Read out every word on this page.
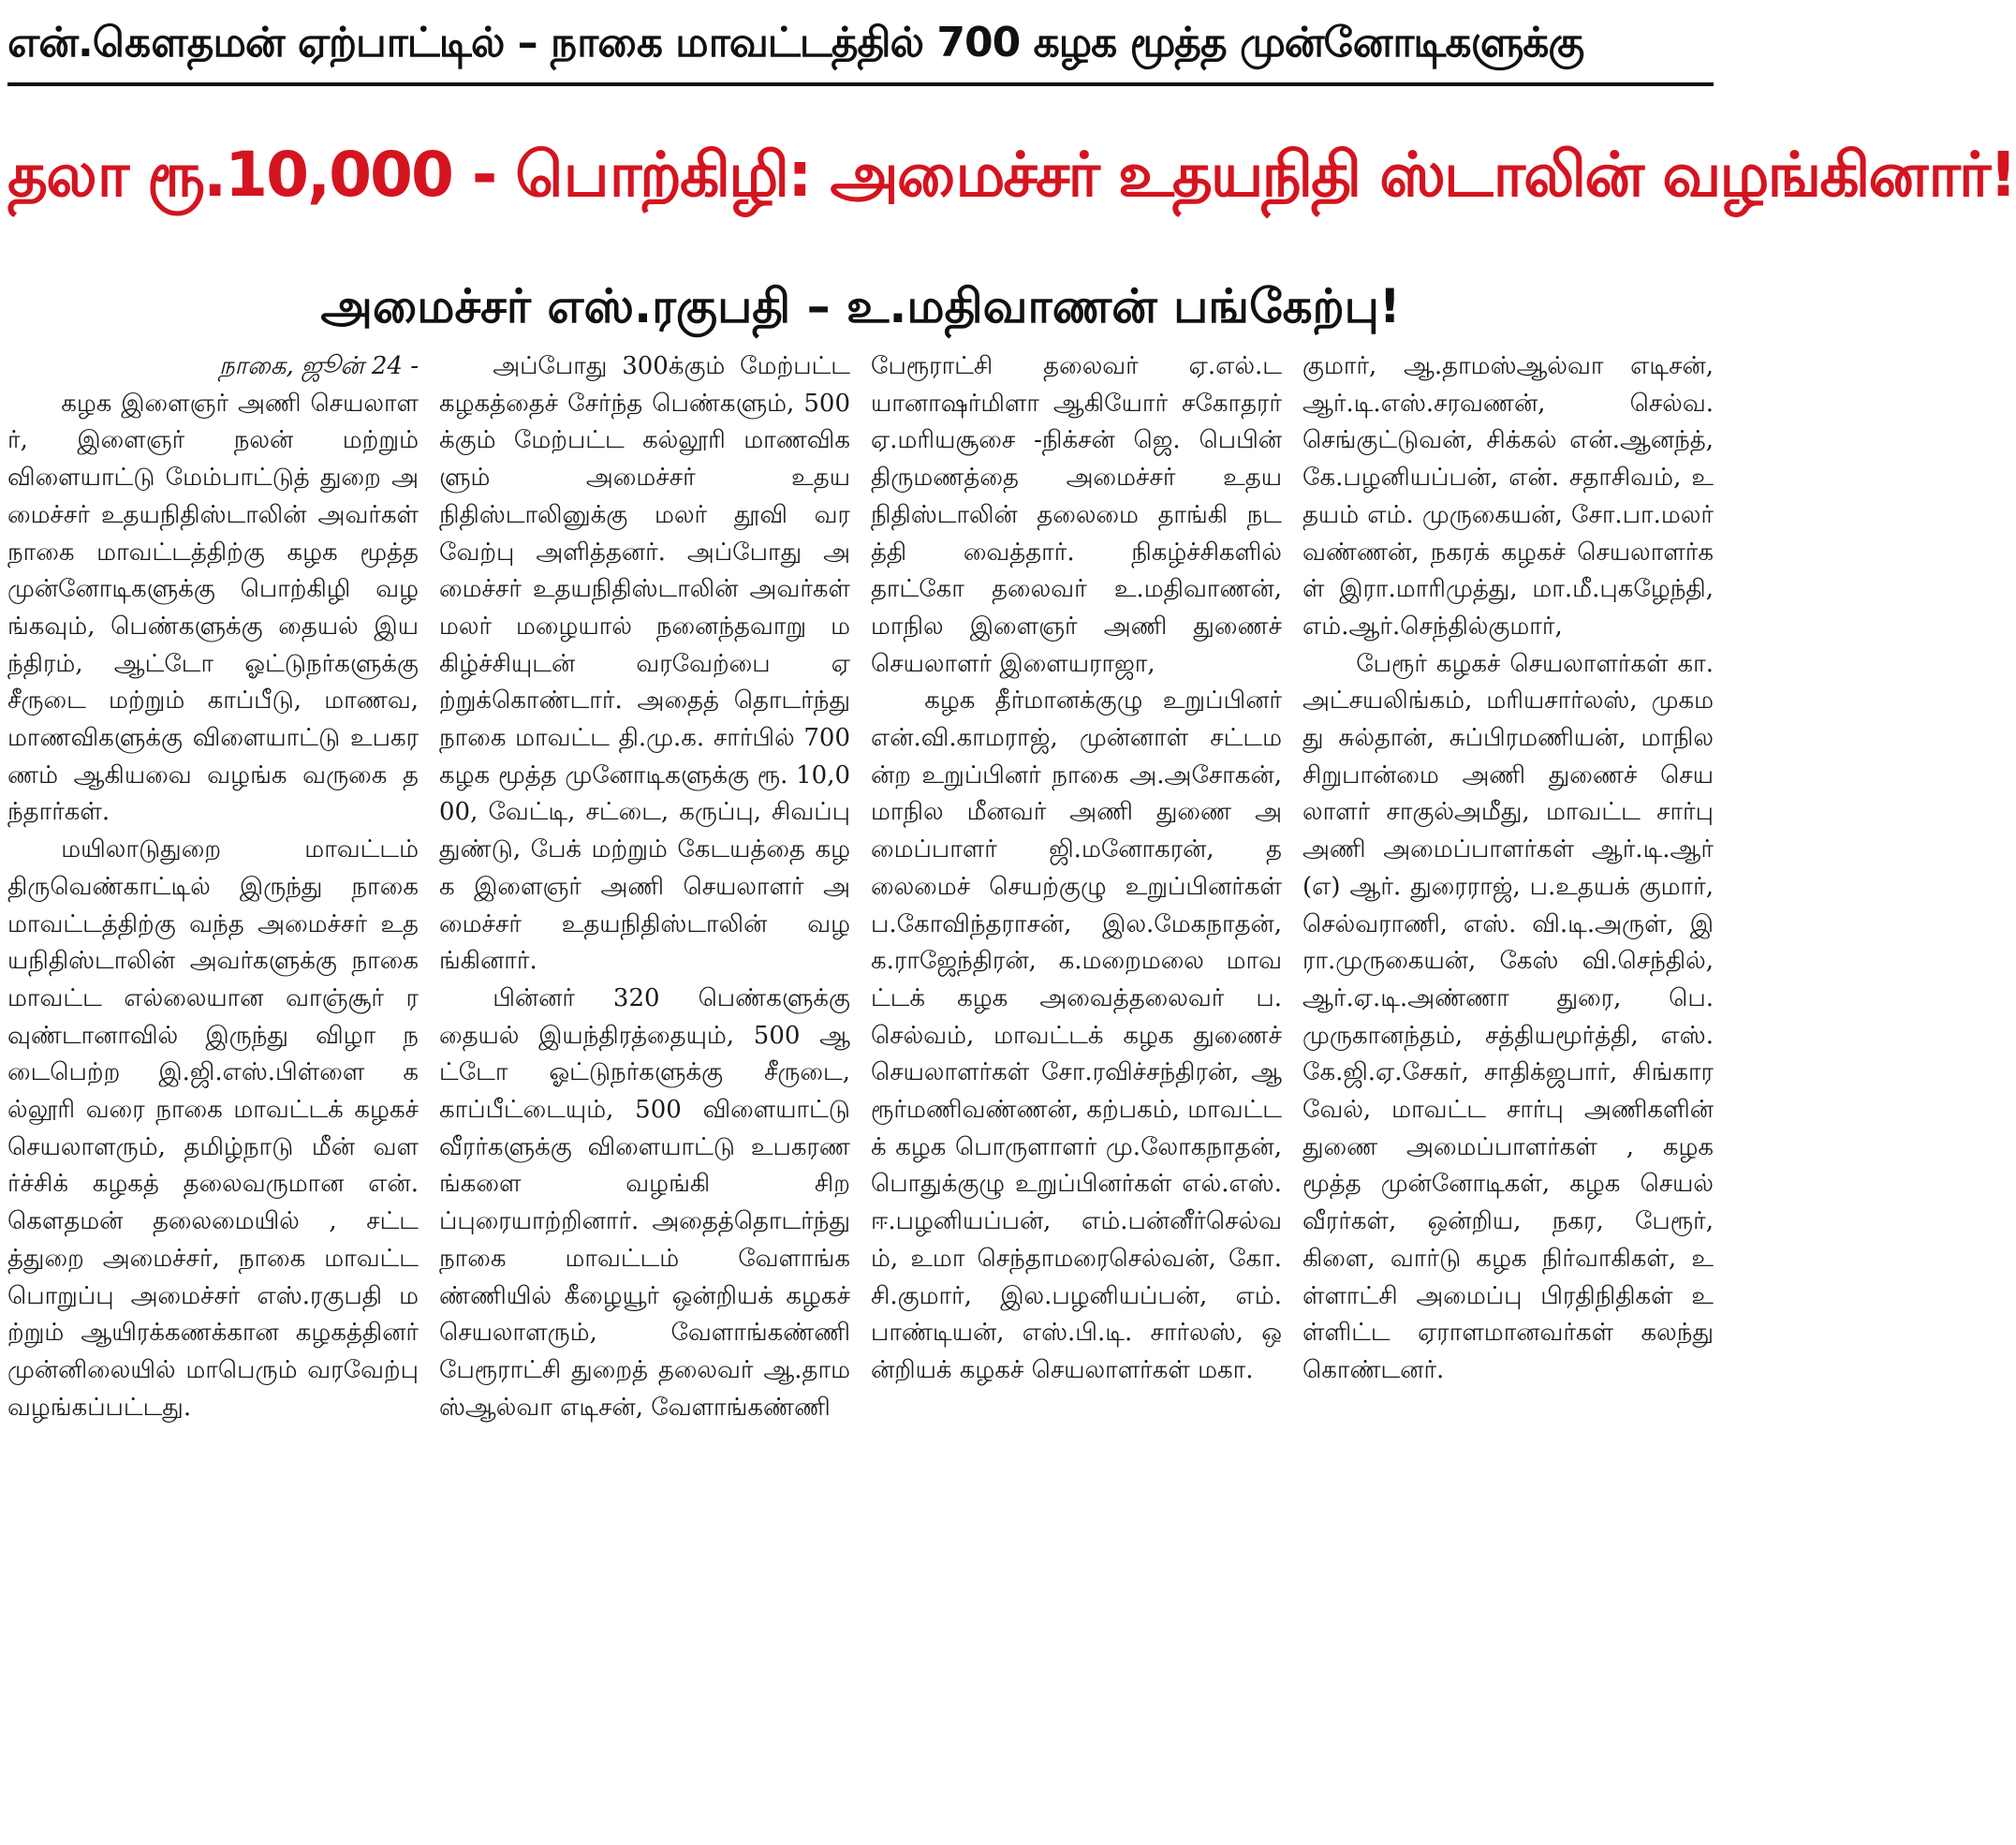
என்.கௌதமன் ஏற்பாட்டில் – நாகை மாவட்டத்தில் 700 கழக மூத்த முன்னோடிகளுக்கு
தலா ரூ.10,000 - பொற்கிழி: அமைச்சர் உதயநிதி ஸ்டாலின் வழங்கினார்!
அமைச்சர் எஸ்.ரகுபதி – உ.மதிவாணன் பங்கேற்பு!

நாகை, ஜூன் 24 -

கழக இளைஞர் அணி செயலாளர், இளைஞர் நலன் மற்றும் விளையாட்டு மேம்பாட்டுத் துறை அமைச்சர் உதயநிதிஸ்டாலின் அவர்கள் நாகை மாவட்டத்திற்கு கழக மூத்த முன்னோடிகளுக்கு பொற்கிழி வழங்கவும், பெண்களுக்கு தையல் இயந்திரம், ஆட்டோ ஓட்டுநர்களுக்கு சீருடை மற்றும் காப்பீடு, மாணவ, மாணவிகளுக்கு விளையாட்டு உபகரணம் ஆகியவை வழங்க வருகை தந்தார்கள்.

மயிலாடுதுறை மாவட்டம் திருவெண்காட்டில் இருந்து நாகை மாவட்டத்திற்கு வந்த அமைச்சர் உதயநிதிஸ்டாலின் அவர்களுக்கு நாகை மாவட்ட எல்லையான வாஞ்சூர் ரவுண்டானாவில் இருந்து விழா நடைபெற்ற இ.ஜி.எஸ்.பிள்ளை கல்லூரி வரை நாகை மாவட்டக் கழகச் செயலாளரும், தமிழ்நாடு மீன் வளர்ச்சிக் கழகத் தலைவருமான என். கௌதமன் தலைமையில் , சட்டத்துறை அமைச்சர், நாகை மாவட்ட பொறுப்பு அமைச்சர் எஸ்.ரகுபதி மற்றும் ஆயிரக்கணக்கான கழகத்தினர் முன்னிலையில் மாபெரும் வரவேற்பு வழங்கப்பட்டது.

அப்போது 300க்கும் மேற்பட்ட கழகத்தைச் சேர்ந்த பெண்களும், 500க்கும் மேற்பட்ட கல்லூரி மாணவிகளும் அமைச்சர் உதயநிதிஸ்டாலினுக்கு மலர் தூவி வரவேற்பு அளித்தனர். அப்போது அமைச்சர் உதயநிதிஸ்டாலின் அவர்கள் மலர் மழையால் நனைந்தவாறு மகிழ்ச்சியுடன் வரவேற்பை ஏற்றுக்கொண்டார். அதைத் தொடர்ந்து நாகை மாவட்ட தி.மு.க. சார்பில் 700 கழக மூத்த முனோடிகளுக்கு ரூ. 10,000, வேட்டி, சட்டை, கருப்பு, சிவப்பு துண்டு, பேக் மற்றும் கேடயத்தை கழக இளைஞர் அணி செயலாளர் அமைச்சர் உதயநிதிஸ்டாலின் வழங்கினார்.

பின்னர் 320 பெண்களுக்கு தையல் இயந்திரத்தையும், 500 ஆட்டோ ஓட்டுநர்களுக்கு சீருடை, காப்பீட்டையும், 500 விளையாட்டு வீரர்களுக்கு விளையாட்டு உபகரணங்களை வழங்கி சிறப்புரையாற்றினார். அதைத்தொடர்ந்து நாகை மாவட்டம் வேளாங்கண்ணியில் கீழையூர் ஒன்றியக் கழகச் செயலாளரும், வேளாங்கண்ணி பேரூராட்சி துறைத் தலைவர் ஆ.தாமஸ்ஆல்வா எடிசன், வேளாங்கண்ணி

பேரூராட்சி தலைவர் ஏ.எல்.டயானாஷர்மிளா ஆகியோர் சகோதரர் ஏ.மரியசூசை -நிக்சன் ஜெ. பெபின் திருமணத்தை அமைச்சர் உதயநிதிஸ்டாலின் தலைமை தாங்கி நடத்தி வைத்தார். நிகழ்ச்சிகளில் தாட்கோ தலைவர் உ.மதிவாணன், மாநில இளைஞர் அணி துணைச் செயலாளர் இளையராஜா,

கழக தீர்மானக்குழு உறுப்பினர் என்.வி.காமராஜ், முன்னாள் சட்டமன்ற உறுப்பினர் நாகை அ.அசோகன், மாநில மீனவர் அணி துணை அமைப்பாளர் ஜி.மனோகரன், தலைமைச் செயற்குழு உறுப்பினர்கள் ப.கோவிந்தராசன், இல.மேகநாதன், க.ராஜேந்திரன், க.மறைமலை மாவட்டக் கழக அவைத்தலைவர் ப.செல்வம், மாவட்டக் கழக துணைச் செயலாளர்கள் சோ.ரவிச்சந்திரன், ஆரூர்மணிவண்ணன், கற்பகம், மாவட்டக் கழக பொருளாளர் மு.லோகநாதன், பொதுக்குழு உறுப்பினர்கள் எல்.எஸ்.ஈ.பழனியப்பன், எம்.பன்னீர்செல்வம், உமா செந்தாமரைசெல்வன், கோ.சி.குமார், இல.பழனியப்பன், எம். பாண்டியன், எஸ்.பி.டி. சார்லஸ், ஒன்றியக் கழகச் செயலாளர்கள் மகா.

குமார், ஆ.தாமஸ்ஆல்வா எடிசன், ஆர்.டி.எஸ்.சரவணன், செல்வ.செங்குட்டுவன், சிக்கல் என்.ஆனந்த், கே.பழனியப்பன், என். சதாசிவம், உதயம் எம். முருகையன், சோ.பா.மலர் வண்ணன், நகரக் கழகச் செயலாளர்கள் இரா.மாரிமுத்து, மா.மீ.புகழேந்தி, எம்.ஆர்.செந்தில்குமார்,

பேரூர் கழகச் செயலாளர்கள் கா.அட்சயலிங்கம், மரியசார்லஸ், முகமது சுல்தான், சுப்பிரமணியன், மாநில சிறுபான்மை அணி துணைச் செயலாளர் சாகுல்அமீது, மாவட்ட சார்பு அணி அமைப்பாளர்கள் ஆர்.டி.ஆர் (எ) ஆர். துரைராஜ், ப.உதயக் குமார், செல்வராணி, எஸ். வி.டி.அருள், இரா.முருகையன், கேஸ் வி.செந்தில், ஆர்.ஏ.டி.அண்ணா துரை, பெ.முருகானந்தம், சத்தியமூர்த்தி, எஸ். கே.ஜி.ஏ.சேகர், சாதிக்ஜபார், சிங்காரவேல், மாவட்ட சார்பு அணிகளின் துணை அமைப்பாளர்கள் , கழக மூத்த முன்னோடிகள், கழக செயல் வீரர்கள், ஒன்றிய, நகர, பேரூர், கிளை, வார்டு கழக நிர்வாகிகள், உள்ளாட்சி அமைப்பு பிரதிநிதிகள் உள்ளிட்ட ஏராளமானவர்கள் கலந்து கொண்டனர்.
